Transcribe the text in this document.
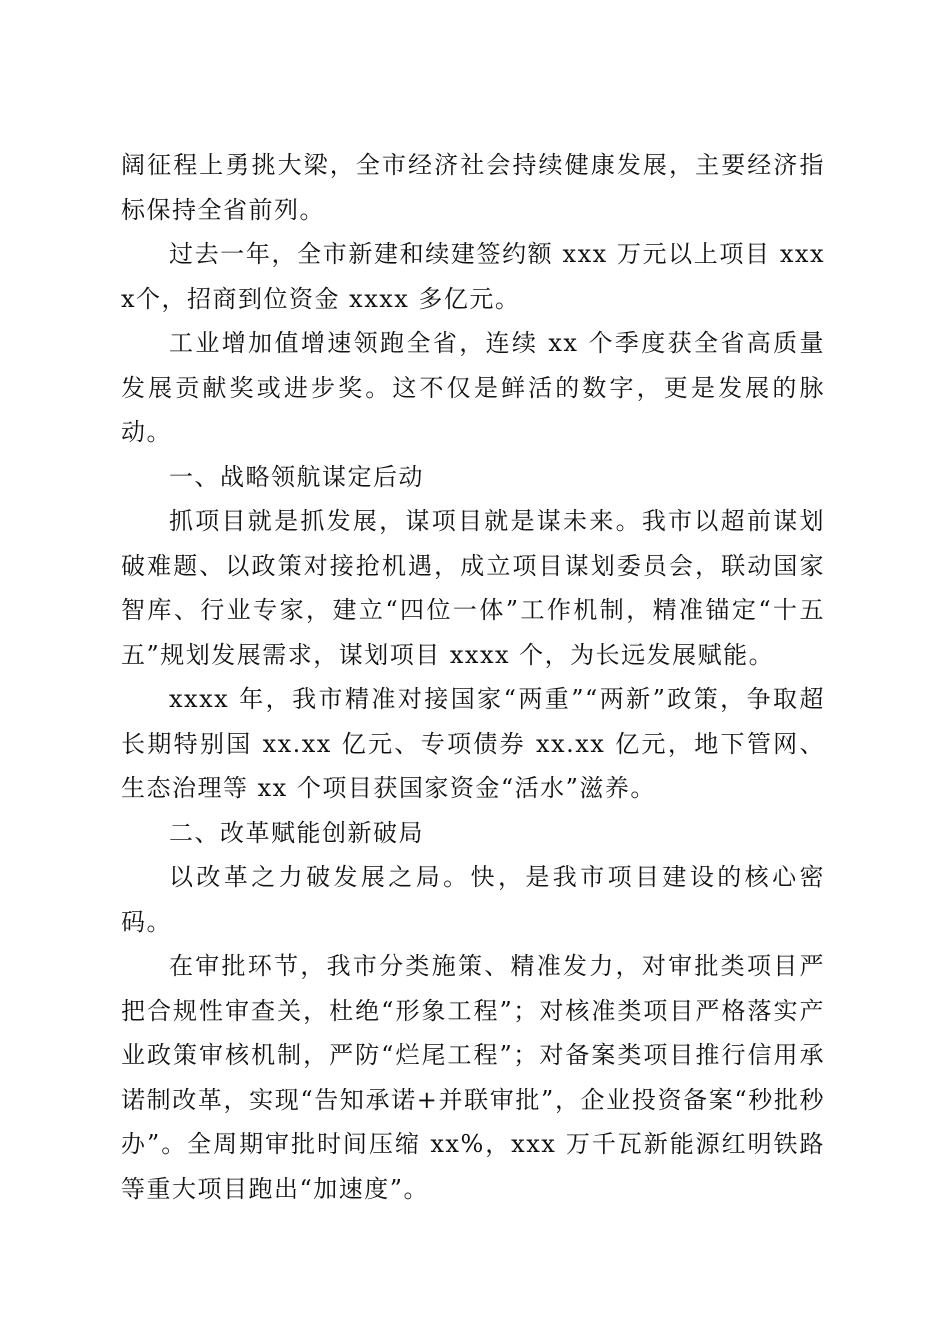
阔征程上勇挑大梁，全市经济社会持续健康发展，主要经济指标保持全省前列。

过去一年，全市新建和续建签约额 xxx 万元以上项目 xxxx个，招商到位资金 xxxx 多亿元。

工业增加值增速领跑全省，连续 xx 个季度获全省高质量发展贡献奖或进步奖。这不仅是鲜活的数字，更是发展的脉动。

一、战略领航谋定后动

抓项目就是抓发展，谋项目就是谋未来。我市以超前谋划破难题、以政策对接抢机遇，成立项目谋划委员会，联动国家智库、行业专家，建立“四位一体”工作机制，精准锚定“十五五”规划发展需求，谋划项目 xxxx 个，为长远发展赋能。

xxxx 年，我市精准对接国家“两重”“两新”政策，争取超长期特别国 xx.xx 亿元、专项债券 xx.xx 亿元，地下管网、生态治理等 xx 个项目获国家资金“活水”滋养。

二、改革赋能创新破局

以改革之力破发展之局。快，是我市项目建设的核心密码。

在审批环节，我市分类施策、精准发力，对审批类项目严把合规性审查关，杜绝“形象工程”；对核准类项目严格落实产业政策审核机制，严防“烂尾工程”；对备案类项目推行信用承诺制改革，实现“告知承诺+并联审批”，企业投资备案“秒批秒办”。全周期审批时间压缩 xx%，xxx 万千瓦新能源红明铁路等重大项目跑出“加速度”。
